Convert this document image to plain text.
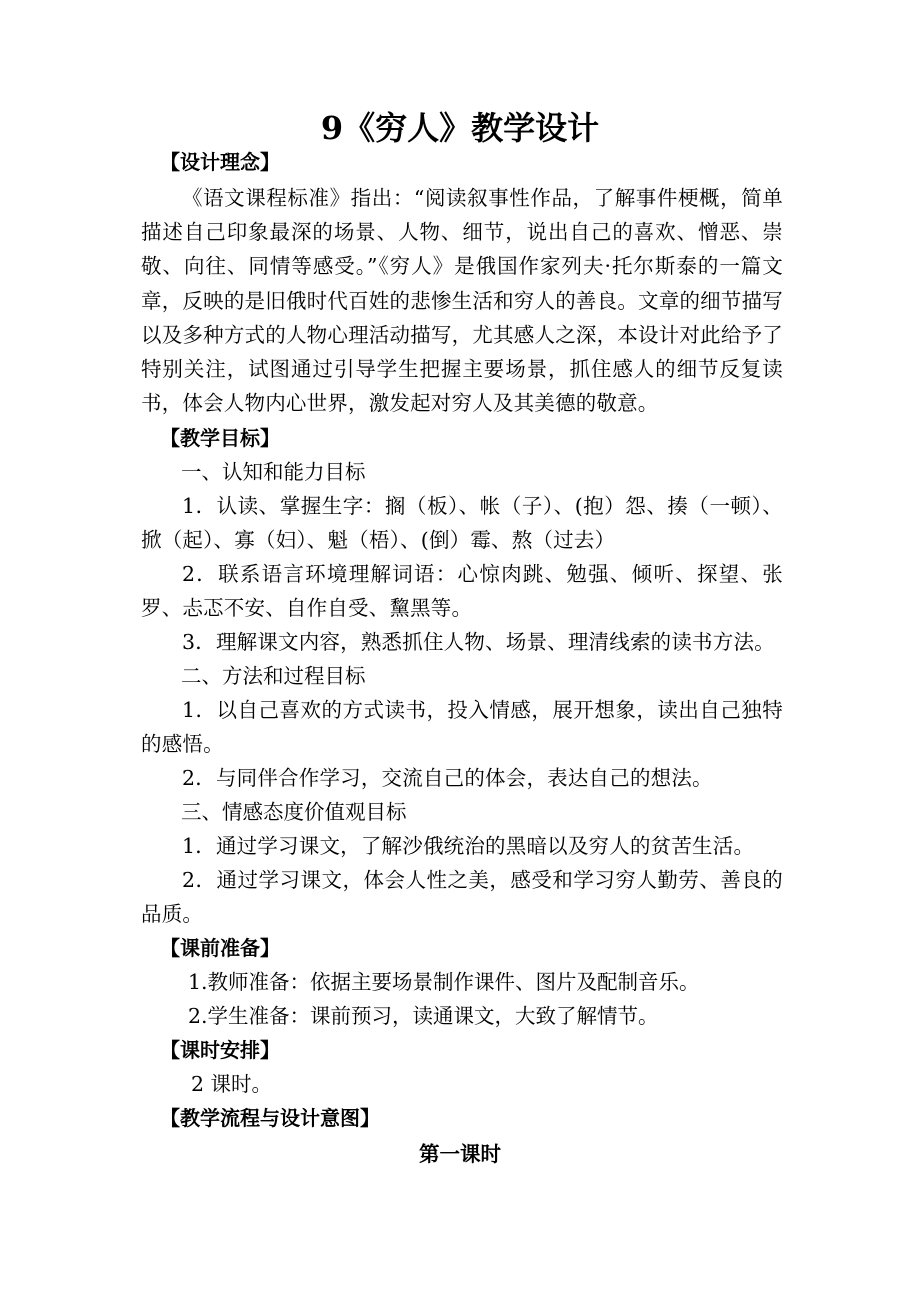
9《穷人》教学设计
【设计理念】
《语文课程标准》指出：“阅读叙事性作品，了解事件梗概，简单描述自己印象最深的场景、人物、细节，说出自己的喜欢、憎恶、崇敬、向往、同情等感受。”《穷人》是俄国作家列夫·托尔斯泰的一篇文章，反映的是旧俄时代百姓的悲惨生活和穷人的善良。文章的细节描写以及多种方式的人物心理活动描写，尤其感人之深，本设计对此给予了特别关注，试图通过引导学生把握主要场景，抓住感人的细节反复读书，体会人物内心世界，激发起对穷人及其美德的敬意。
【教学目标】
一、认知和能力目标
1．认读、掌握生字：搁（板）、帐（子）、(抱）怨、揍（一顿）、掀（起）、寡（妇）、魁（梧）、(倒）霉、熬（过去）
2．联系语言环境理解词语：心惊肉跳、勉强、倾听、探望、张罗、忐忑不安、自作自受、黧黑等。
3．理解课文内容，熟悉抓住人物、场景、理清线索的读书方法。
二、方法和过程目标
1．以自己喜欢的方式读书，投入情感，展开想象，读出自己独特的感悟。
2．与同伴合作学习，交流自己的体会，表达自己的想法。
三、情感态度价值观目标
1．通过学习课文，了解沙俄统治的黑暗以及穷人的贫苦生活。
2．通过学习课文，体会人性之美，感受和学习穷人勤劳、善良的品质。
【课前准备】
1.教师准备：依据主要场景制作课件、图片及配制音乐。
2.学生准备：课前预习，读通课文，大致了解情节。
【课时安排】
2 课时。
【教学流程与设计意图】
第一课时
